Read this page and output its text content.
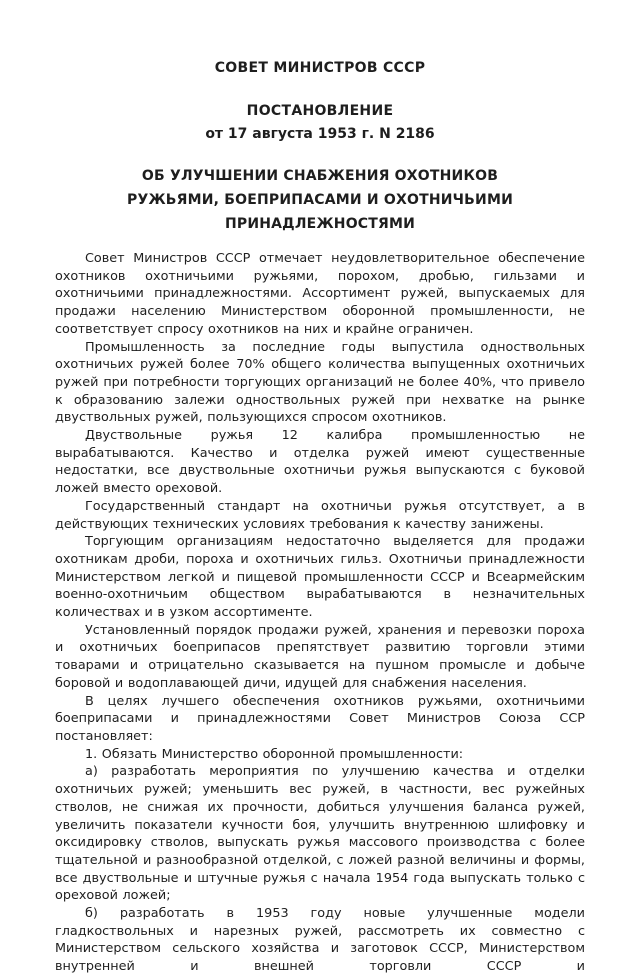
СОВЕТ МИНИСТРОВ СССР
ПОСТАНОВЛЕНИЕ
от 17 августа 1953 г. N 2186
ОБ УЛУЧШЕНИИ СНАБЖЕНИЯ ОХОТНИКОВ РУЖЬЯМИ, БОЕПРИПАСАМИ И ОХОТНИЧЬИМИ ПРИНАДЛЕЖНОСТЯМИ

Совет Министров СССР отмечает неудовлетворительное обеспечение охотников охотничьими ружьями, порохом, дробью, гильзами и охотничьими принадлежностями. Ассортимент ружей, выпускаемых для продажи населению Министерством оборонной промышленности, не соответствует спросу охотников на них и крайне ограничен.

Промышленность за последние годы выпустила одноствольных охотничьих ружей более 70% общего количества выпущенных охотничьих ружей при потребности торгующих организаций не более 40%, что привело к образованию залежи одноствольных ружей при нехватке на рынке двуствольных ружей, пользующихся спросом охотников.

Двуствольные ружья 12 калибра промышленностью не вырабатываются. Качество и отделка ружей имеют существенные недостатки, все двуствольные охотничьи ружья выпускаются с буковой ложей вместо ореховой.

Государственный стандарт на охотничьи ружья отсутствует, а в действующих технических условиях требования к качеству занижены.

Торгующим организациям недостаточно выделяется для продажи охотникам дроби, пороха и охотничьих гильз. Охотничьи принадлежности Министерством легкой и пищевой промышленности СССР и Всеармейским военно-охотничьим обществом вырабатываются в незначительных количествах и в узком ассортименте.

Установленный порядок продажи ружей, хранения и перевозки пороха и охотничьих боеприпасов препятствует развитию торговли этими товарами и отрицательно сказывается на пушном промысле и добыче боровой и водоплавающей дичи, идущей для снабжения населения.

В целях лучшего обеспечения охотников ружьями, охотничьими боеприпасами и принадлежностями Совет Министров Союза ССР постановляет:

1. Обязать Министерство оборонной промышленности:

а) разработать мероприятия по улучшению качества и отделки охотничьих ружей; уменьшить вес ружей, в частности, вес ружейных стволов, не снижая их прочности, добиться улучшения баланса ружей, увеличить показатели кучности боя, улучшить внутреннюю шлифовку и оксидировку стволов, выпускать ружья массового производства с более тщательной и разнообразной отделкой, с ложей разной величины и формы, все двуствольные и штучные ружья с начала 1954 года выпускать только с ореховой ложей;

б) разработать в 1953 году новые улучшенные модели гладкоствольных и нарезных ружей, рассмотреть их совместно с Министерством сельского хозяйства и заготовок СССР, Министерством внутренней и внешней торговли СССР и
